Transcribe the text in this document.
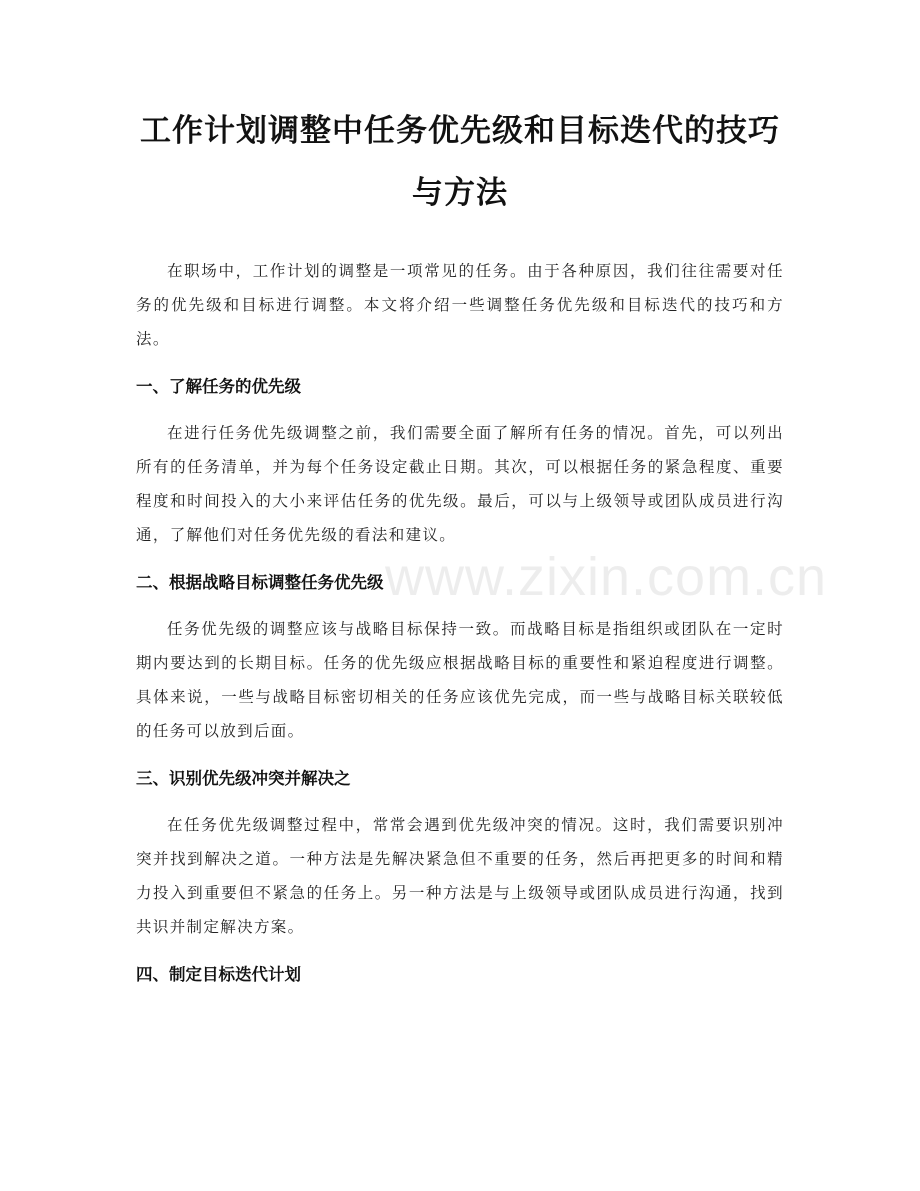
工作计划调整中任务优先级和目标迭代的技巧与方法

在职场中，工作计划的调整是一项常见的任务。由于各种原因，我们往往需要对任务的优先级和目标进行调整。本文将介绍一些调整任务优先级和目标迭代的技巧和方法。

一、了解任务的优先级

在进行任务优先级调整之前，我们需要全面了解所有任务的情况。首先，可以列出所有的任务清单，并为每个任务设定截止日期。其次，可以根据任务的紧急程度、重要程度和时间投入的大小来评估任务的优先级。最后，可以与上级领导或团队成员进行沟通，了解他们对任务优先级的看法和建议。

二、根据战略目标调整任务优先级

任务优先级的调整应该与战略目标保持一致。而战略目标是指组织或团队在一定时期内要达到的长期目标。任务的优先级应根据战略目标的重要性和紧迫程度进行调整。具体来说，一些与战略目标密切相关的任务应该优先完成，而一些与战略目标关联较低的任务可以放到后面。

三、识别优先级冲突并解决之

在任务优先级调整过程中，常常会遇到优先级冲突的情况。这时，我们需要识别冲突并找到解决之道。一种方法是先解决紧急但不重要的任务，然后再把更多的时间和精力投入到重要但不紧急的任务上。另一种方法是与上级领导或团队成员进行沟通，找到共识并制定解决方案。

四、制定目标迭代计划
www.zixin.com.cn
